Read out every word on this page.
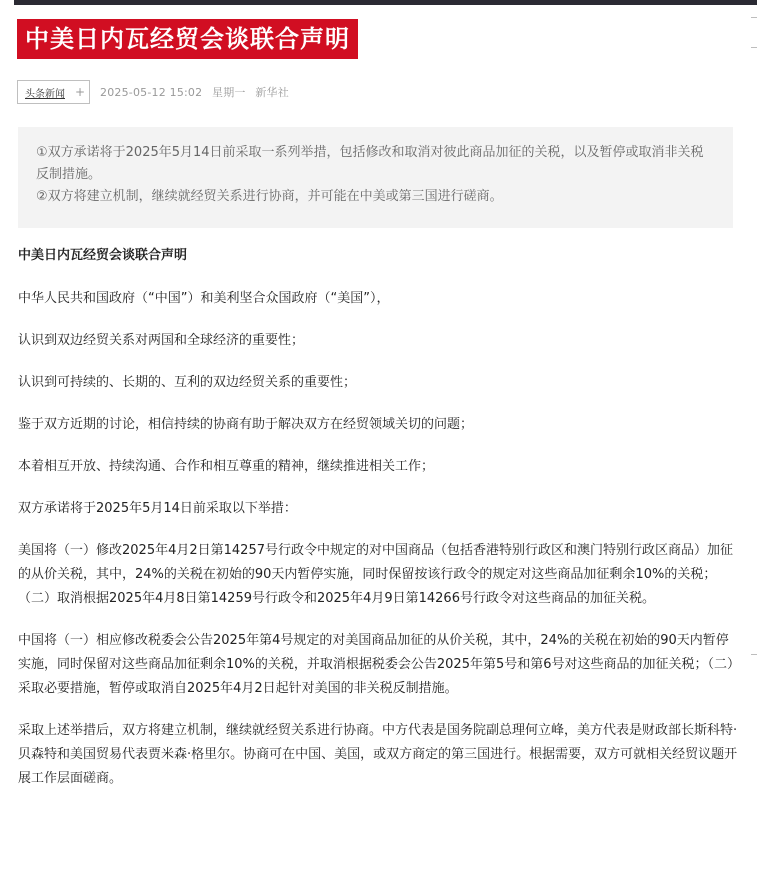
中美日内瓦经贸会谈联合声明
头条新闻 +	2025-05-12 15:02 星期一 新华社

①双方承诺将于2025年5月14日前采取一系列举措，包括修改和取消对彼此商品加征的关税，以及暂停或取消非关税反制措施。

②双方将建立机制，继续就经贸关系进行协商，并可能在中美或第三国进行磋商。

中美日内瓦经贸会谈联合声明

中华人民共和国政府（“中国”）和美利坚合众国政府（“美国”），

认识到双边经贸关系对两国和全球经济的重要性；

认识到可持续的、长期的、互利的双边经贸关系的重要性；

鉴于双方近期的讨论，相信持续的协商有助于解决双方在经贸领域关切的问题；

本着相互开放、持续沟通、合作和相互尊重的精神，继续推进相关工作；

双方承诺将于2025年5月14日前采取以下举措：

美国将（一）修改2025年4月2日第14257号行政令中规定的对中国商品（包括香港特别行政区和澳门特别行政区商品）加征的从价关税，其中，24%的关税在初始的90天内暂停实施，同时保留按该行政令的规定对这些商品加征剩余10%的关税；（二）取消根据2025年4月8日第14259号行政令和2025年4月9日第14266号行政令对这些商品的加征关税。

中国将（一）相应修改税委会公告2025年第4号规定的对美国商品加征的从价关税，其中，24%的关税在初始的90天内暂停实施，同时保留对这些商品加征剩余10%的关税，并取消根据税委会公告2025年第5号和第6号对这些商品的加征关税；（二）采取必要措施，暂停或取消自2025年4月2日起针对美国的非关税反制措施。

采取上述举措后，双方将建立机制，继续就经贸关系进行协商。中方代表是国务院副总理何立峰，美方代表是财政部长斯科特·贝森特和美国贸易代表贾米森·格里尔。协商可在中国、美国，或双方商定的第三国进行。根据需要，双方可就相关经贸议题开展工作层面磋商。
